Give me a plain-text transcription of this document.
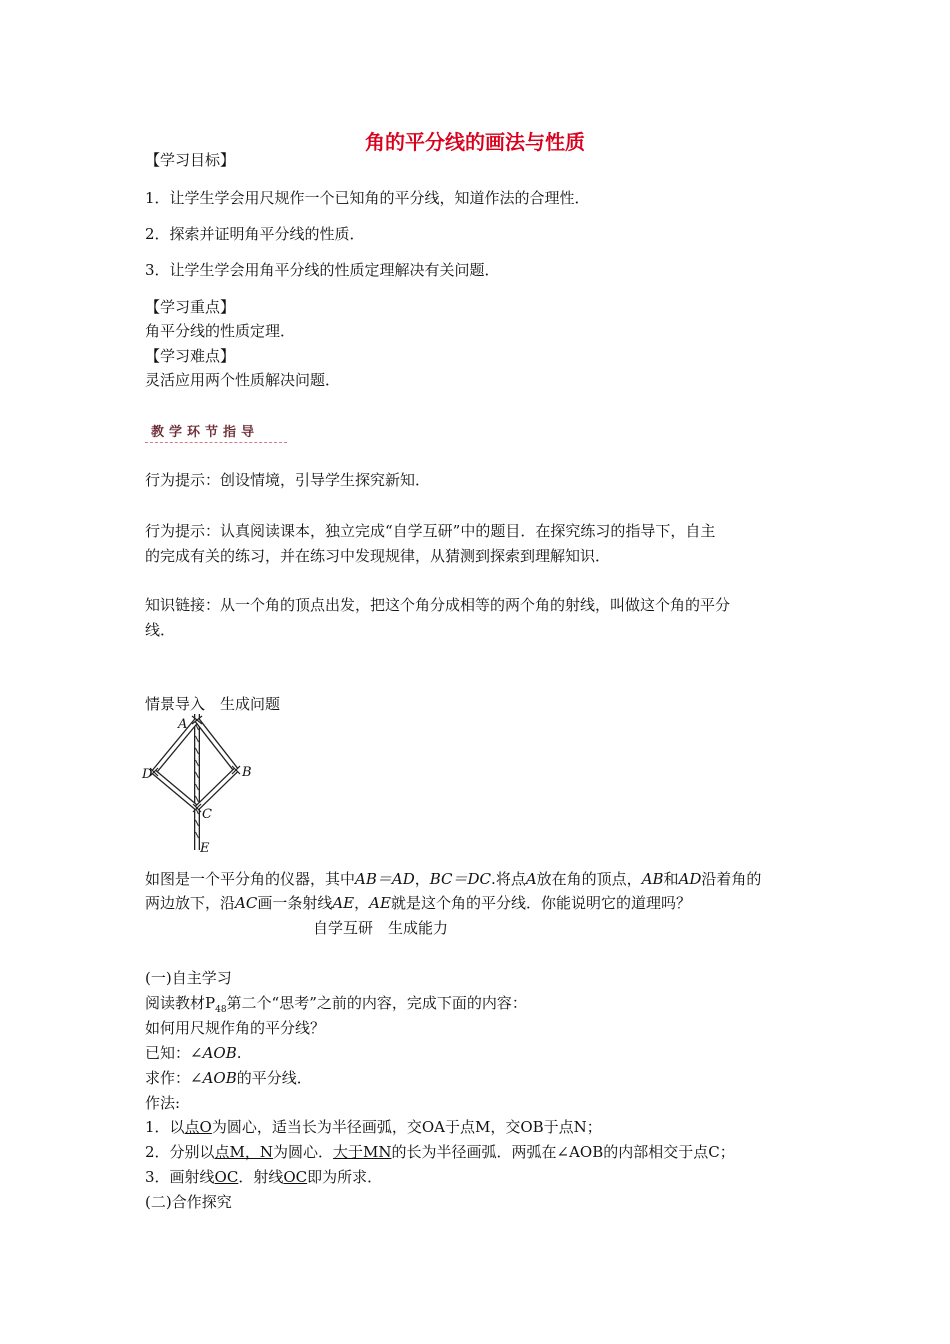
角的平分线的画法与性质
【学习目标】
1．让学生学会用尺规作一个已知角的平分线，知道作法的合理性．
2．探索并证明角平分线的性质．
3．让学生学会用角平分线的性质定理解决有关问题．
【学习重点】
角平分线的性质定理．
【学习难点】
灵活应用两个性质解决问题．
教学环节指导
行为提示：创设情境，引导学生探究新知．
行为提示：认真阅读课本，独立完成“自学互研”中的题目．在探究练习的指导下，自主
的完成有关的练习，并在练习中发现规律，从猜测到探索到理解知识．
知识链接：从一个角的顶点出发，把这个角分成相等的两个角的射线，叫做这个角的平分
线．
情景导入　生成问题
A
D	B
C
E
如图是一个平分角的仪器，其中AB＝AD，BC＝DC.将点A放在角的顶点，AB和AD沿着角的
两边放下，沿AC画一条射线AE，AE就是这个角的平分线．你能说明它的道理吗？
自学互研　生成能力
(一)自主学习
阅读教材$P_{48}$第二个“思考”之前的内容，完成下面的内容：
如何用尺规作角的平分线？
已知：∠AOB.
求作：∠AOB的平分线．
作法:
1．以点O为圆心，适当长为半径画弧，交OA于点M，交OB于点N；
2．分别以点M，N为圆心．大于MN的长为半径画弧．两弧在∠AOB的内部相交于点C；
3．画射线OC．射线OC即为所求．
(二)合作探究
